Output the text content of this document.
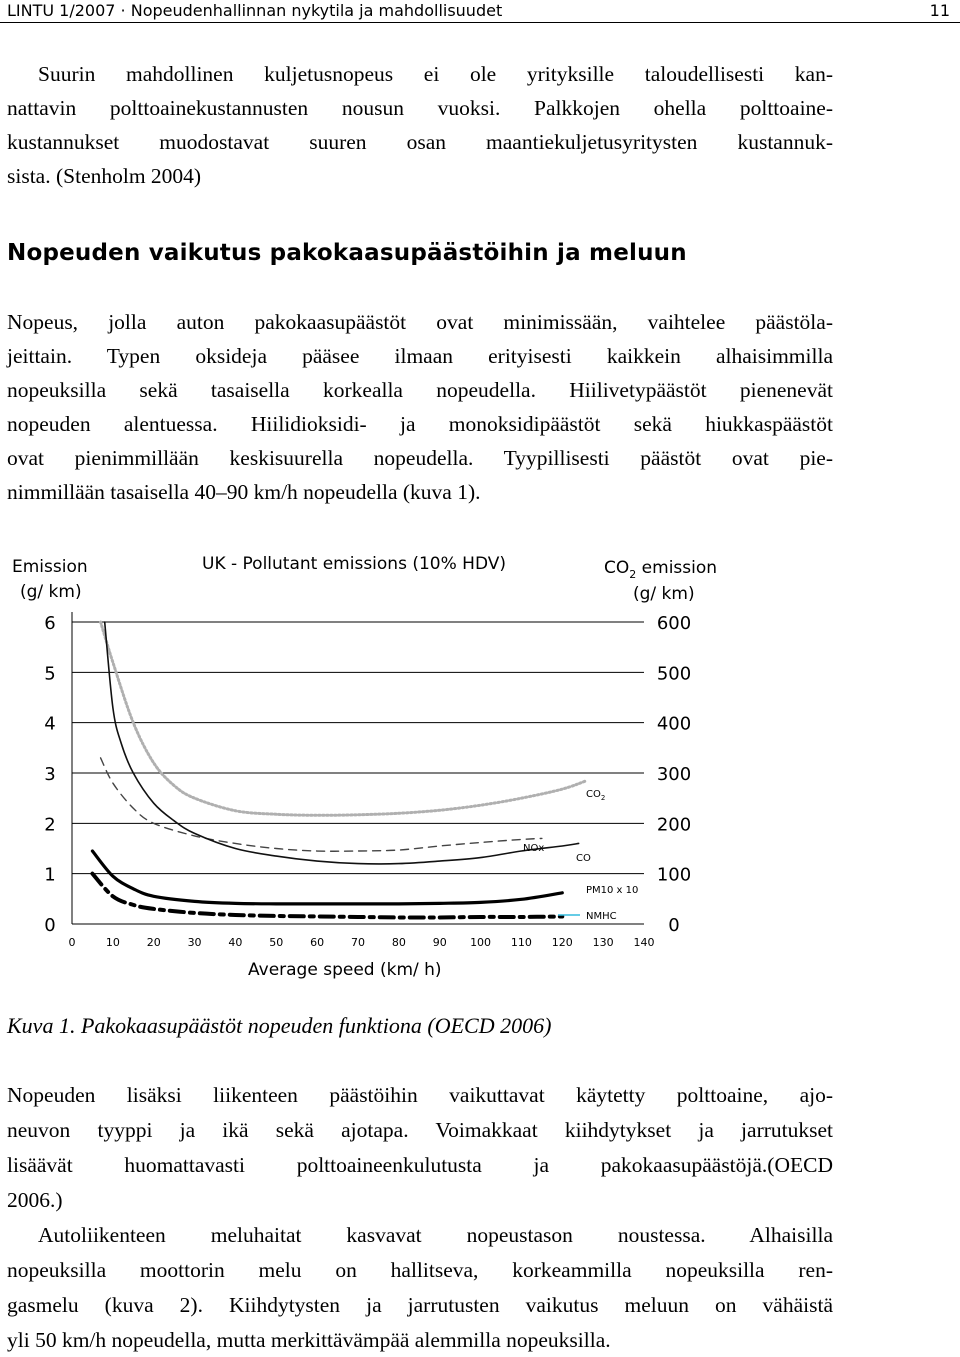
LINTU 1/2007 · Nopeudenhallinnan nykytila ja mahdollisuudet	11
Suurin mahdollinen kuljetusnopeus ei ole yrityksille taloudellisesti kan-
nattavin polttoainekustannusten nousun vuoksi. Palkkojen ohella polttoaine-
kustannukset muodostavat suuren osan maantiekuljetusyritysten kustannuk-
sista. (Stenholm 2004)
Nopeuden vaikutus pakokaasupäästöihin ja meluun
Nopeus, jolla auton pakokaasupäästöt ovat minimissään, vaihtelee päästöla-
jeittain. Typen oksideja pääsee ilmaan erityisesti kaikkein alhaisimmilla
nopeuksilla sekä tasaisella korkealla nopeudella. Hiilivetypäästöt pienenevät
nopeuden alentuessa. Hiilidioksidi- ja monoksidipäästöt sekä hiukkaspäästöt
ovat pienimmillään keskisuurella nopeudella. Tyypillisesti päästöt ovat pie-
nimmillään tasaisella 40–90 km/h nopeudella (kuva 1).
0	0
1	100
2	200
3	300
4	400
5	500
6	600
0	10 20 30 40 50 60 70 80 90 100 110 120 130 140
Emission
(g/ km)
UK - Pollutant emissions (10% HDV)	$CO_2$ emission
(g/ km)
Average speed (km/ h)
$CO_2$
NOx
CO
PM10 x 10
NMHC
Kuva 1. Pakokaasupäästöt nopeuden funktiona (OECD 2006)
Nopeuden lisäksi liikenteen päästöihin vaikuttavat käytetty polttoaine, ajo-
neuvon tyyppi ja ikä sekä ajotapa. Voimakkaat kiihdytykset ja jarrutukset
lisäävät huomattavasti polttoaineenkulutusta ja pakokaasupäästöjä.(OECD
2006.)
Autoliikenteen meluhaitat kasvavat nopeustason noustessa. Alhaisilla
nopeuksilla moottorin melu on hallitseva, korkeammilla nopeuksilla ren-
gasmelu (kuva 2). Kiihdytysten ja jarrutusten vaikutus meluun on vähäistä
yli 50 km/h nopeudella, mutta merkittävämpää alemmilla nopeuksilla.
